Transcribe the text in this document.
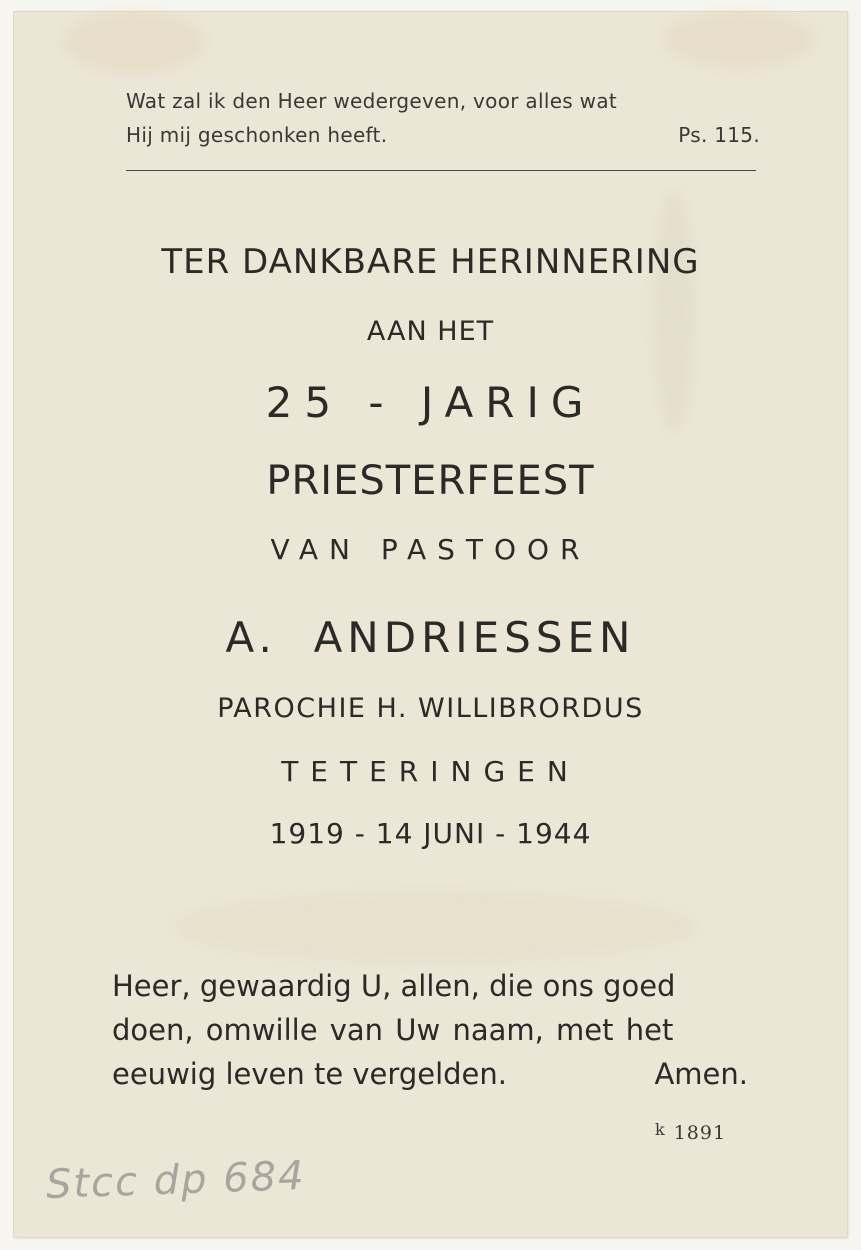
Wat zal ik den Heer wedergeven, voor alles wat
Hij mij geschonken heeft.	Ps. 115.
TER DANKBARE HERINNERING
AAN HET
25 - JARIG
PRIESTERFEEST
VAN PASTOOR
A.  ANDRIESSEN
PAROCHIE H. WILLIBRORDUS
TETERINGEN
1919 - 14 JUNI - 1944
Heer, gewaardig U, allen, die ons goed
doen, omwille van Uw naam, met het
eeuwig leven te vergelden.	Amen.
$^k$ 1891
Stcc dp 684
